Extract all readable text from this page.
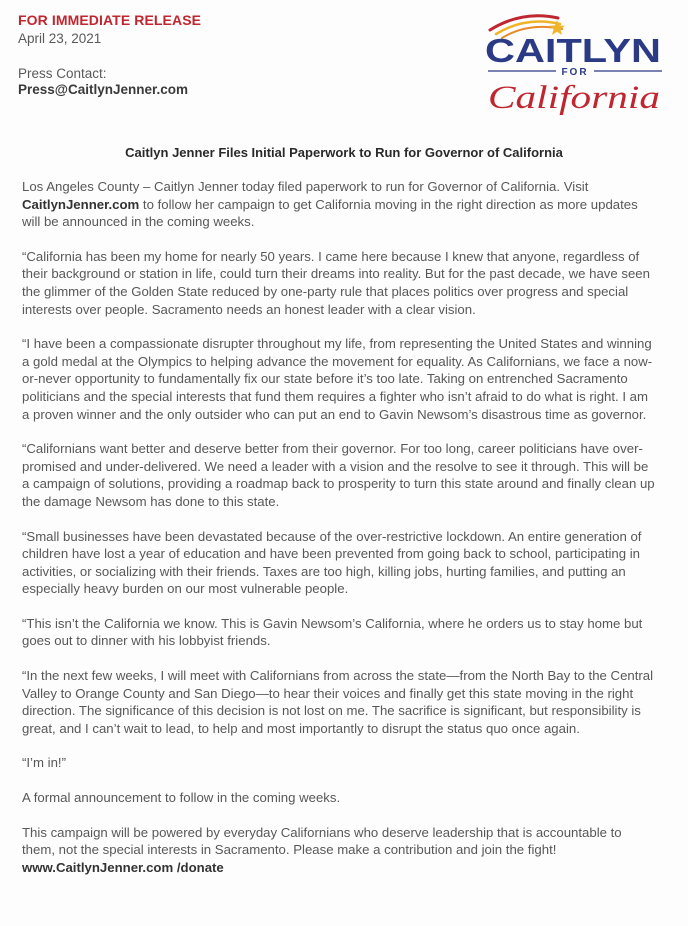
FOR IMMEDIATE RELEASE
April 23, 2021
Press Contact:
Press@CaitlynJenner.com
CAITLYN
FOR
California
Caitlyn Jenner Files Initial Paperwork to Run for Governor of California

Los Angeles County – Caitlyn Jenner today filed paperwork to run for Governor of California. Visit CaitlynJenner.com to follow her campaign to get California moving in the right direction as more updates will be announced in the coming weeks.

“California has been my home for nearly 50 years. I came here because I knew that anyone, regardless of their background or station in life, could turn their dreams into reality. But for the past decade, we have seen the glimmer of the Golden State reduced by one-party rule that places politics over progress and special interests over people. Sacramento needs an honest leader with a clear vision.

“I have been a compassionate disrupter throughout my life, from representing the United States and winning a gold medal at the Olympics to helping advance the movement for equality. As Californians, we face a now-or-never opportunity to fundamentally fix our state before it’s too late. Taking on entrenched Sacramento politicians and the special interests that fund them requires a fighter who isn’t afraid to do what is right. I am a proven winner and the only outsider who can put an end to Gavin Newsom’s disastrous time as governor.

“Californians want better and deserve better from their governor. For too long, career politicians have over-promised and under-delivered. We need a leader with a vision and the resolve to see it through. This will be a campaign of solutions, providing a roadmap back to prosperity to turn this state around and finally clean up the damage Newsom has done to this state.

“Small businesses have been devastated because of the over-restrictive lockdown. An entire generation of children have lost a year of education and have been prevented from going back to school, participating in activities, or socializing with their friends. Taxes are too high, killing jobs, hurting families, and putting an especially heavy burden on our most vulnerable people.

“This isn’t the California we know. This is Gavin Newsom’s California, where he orders us to stay home but goes out to dinner with his lobbyist friends.

“In the next few weeks, I will meet with Californians from across the state—from the North Bay to the Central Valley to Orange County and San Diego—to hear their voices and finally get this state moving in the right direction. The significance of this decision is not lost on me. The sacrifice is significant, but responsibility is great, and I can’t wait to lead, to help and most importantly to disrupt the status quo once again.

“I’m in!”

A formal announcement to follow in the coming weeks.

This campaign will be powered by everyday Californians who deserve leadership that is accountable to them, not the special interests in Sacramento. Please make a contribution and join the fight!
www.CaitlynJenner.com /donate
